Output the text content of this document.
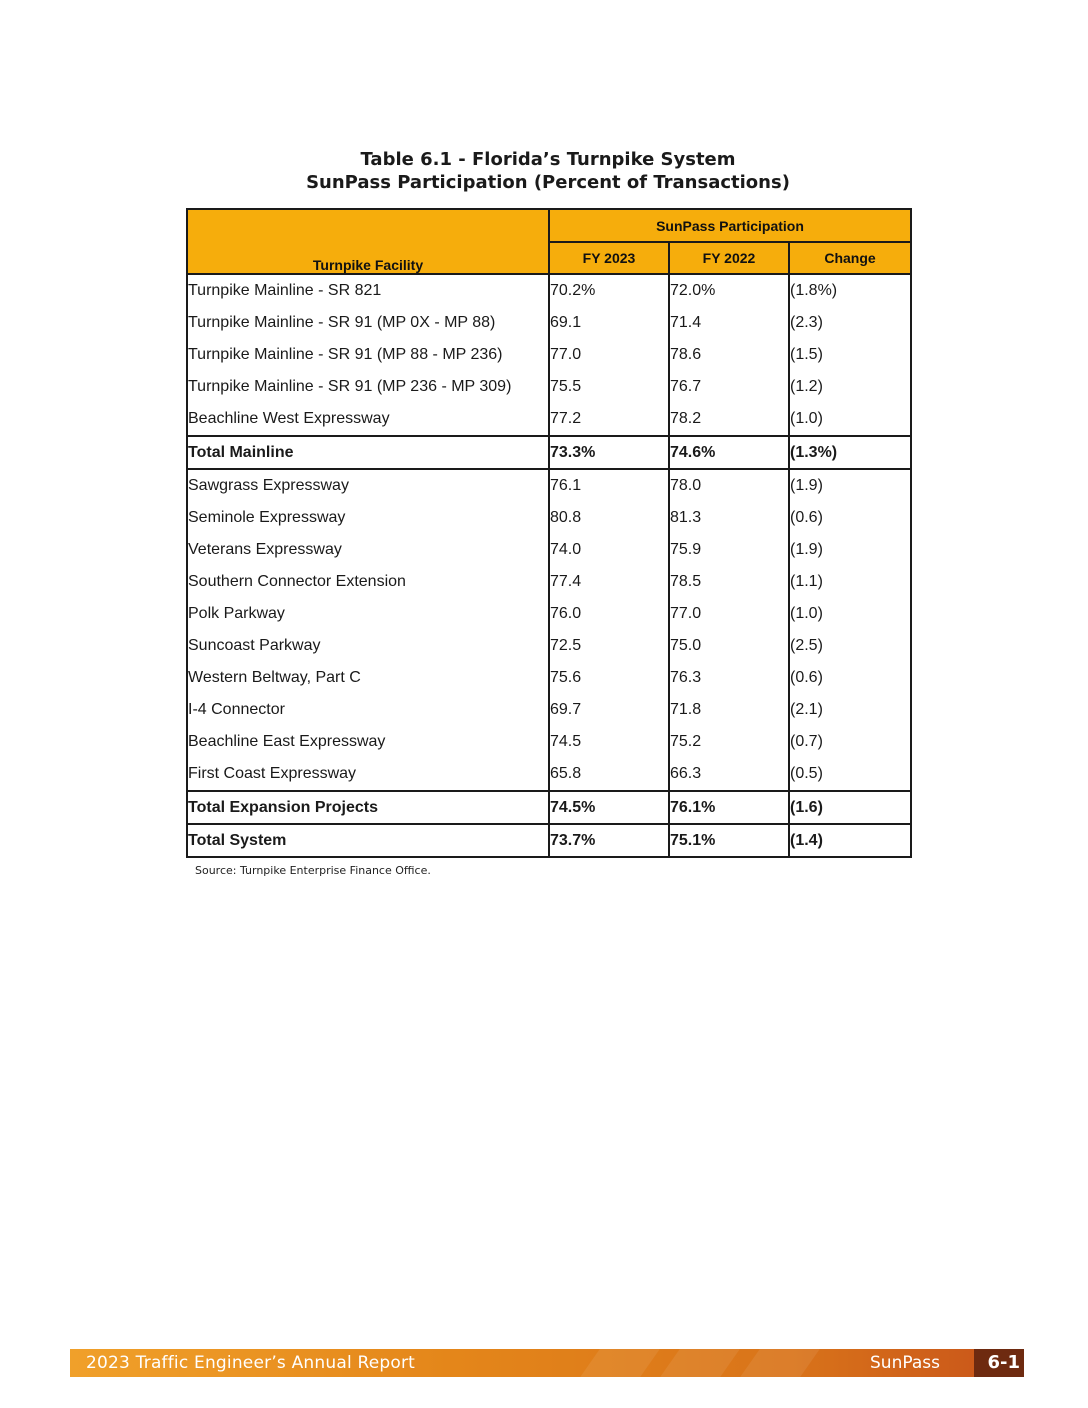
Table 6.1 - Florida’s Turnpike System
SunPass Participation (Percent of Transactions)
Turnpike Facility	SunPass Participation		
	FY 2023	FY 2022	Change
Turnpike Mainline - SR 821	70.2%	72.0%	(1.8%)
Turnpike Mainline - SR 91 (MP 0X - MP 88)	69.1	71.4	(2.3)
Turnpike Mainline - SR 91 (MP 88 - MP 236)	77.0	78.6	(1.5)
Turnpike Mainline - SR 91 (MP 236 - MP 309)	75.5	76.7	(1.2)
Beachline West Expressway	77.2	78.2	(1.0)
Total Mainline	73.3%	74.6%	(1.3%)
Sawgrass Expressway	76.1	78.0	(1.9)
Seminole Expressway	80.8	81.3	(0.6)
Veterans Expressway	74.0	75.9	(1.9)
Southern Connector Extension	77.4	78.5	(1.1)
Polk Parkway	76.0	77.0	(1.0)
Suncoast Parkway	72.5	75.0	(2.5)
Western Beltway, Part C	75.6	76.3	(0.6)
I-4 Connector	69.7	71.8	(2.1)
Beachline East Expressway	74.5	75.2	(0.7)
First Coast Expressway	65.8	66.3	(0.5)
Total Expansion Projects	74.5%	76.1%	(1.6)
Total System	73.7%	75.1%	(1.4)
Source: Turnpike Enterprise Finance Office.
2023 Traffic Engineer’s Annual Report	SunPass	6-1
